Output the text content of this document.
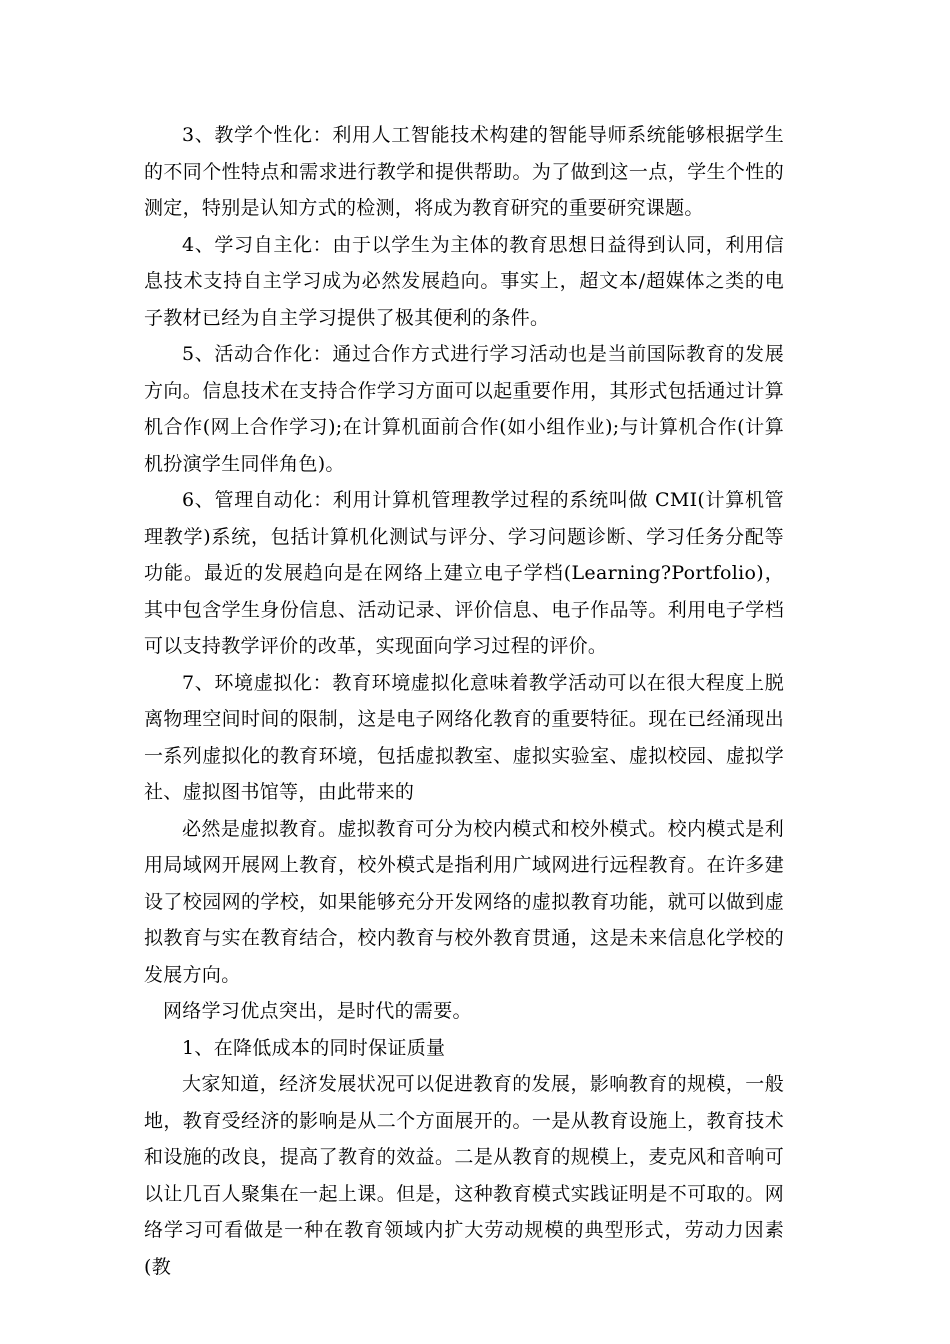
3、教学个性化：利用人工智能技术构建的智能导师系统能够根据学生的不同个性特点和需求进行教学和提供帮助。为了做到这一点，学生个性的测定，特别是认知方式的检测，将成为教育研究的重要研究课题。

4、学习自主化：由于以学生为主体的教育思想日益得到认同，利用信息技术支持自主学习成为必然发展趋向。事实上，超文本/超媒体之类的电子教材已经为自主学习提供了极其便利的条件。

5、活动合作化：通过合作方式进行学习活动也是当前国际教育的发展方向。信息技术在支持合作学习方面可以起重要作用，其形式包括通过计算机合作(网上合作学习);在计算机面前合作(如小组作业);与计算机合作(计算机扮演学生同伴角色)。

6、管理自动化：利用计算机管理教学过程的系统叫做 CMI(计算机管理教学)系统，包括计算机化测试与评分、学习问题诊断、学习任务分配等功能。最近的发展趋向是在网络上建立电子学档(Learning?Portfolio)，其中包含学生身份信息、活动记录、评价信息、电子作品等。利用电子学档可以支持教学评价的改革，实现面向学习过程的评价。

7、环境虚拟化：教育环境虚拟化意味着教学活动可以在很大程度上脱离物理空间时间的限制，这是电子网络化教育的重要特征。现在已经涌现出一系列虚拟化的教育环境，包括虚拟教室、虚拟实验室、虚拟校园、虚拟学社、虚拟图书馆等，由此带来的

必然是虚拟教育。虚拟教育可分为校内模式和校外模式。校内模式是利用局域网开展网上教育，校外模式是指利用广域网进行远程教育。在许多建设了校园网的学校，如果能够充分开发网络的虚拟教育功能，就可以做到虚拟教育与实在教育结合，校内教育与校外教育贯通，这是未来信息化学校的发展方向。

网络学习优点突出，是时代的需要。

1、在降低成本的同时保证质量

大家知道，经济发展状况可以促进教育的发展，影响教育的规模，一般地，教育受经济的影响是从二个方面展开的。一是从教育设施上，教育技术和设施的改良，提高了教育的效益。二是从教育的规模上，麦克风和音响可以让几百人聚集在一起上课。但是，这种教育模式实践证明是不可取的。网络学习可看做是一种在教育领域内扩大劳动规模的典型形式，劳动力因素(教
